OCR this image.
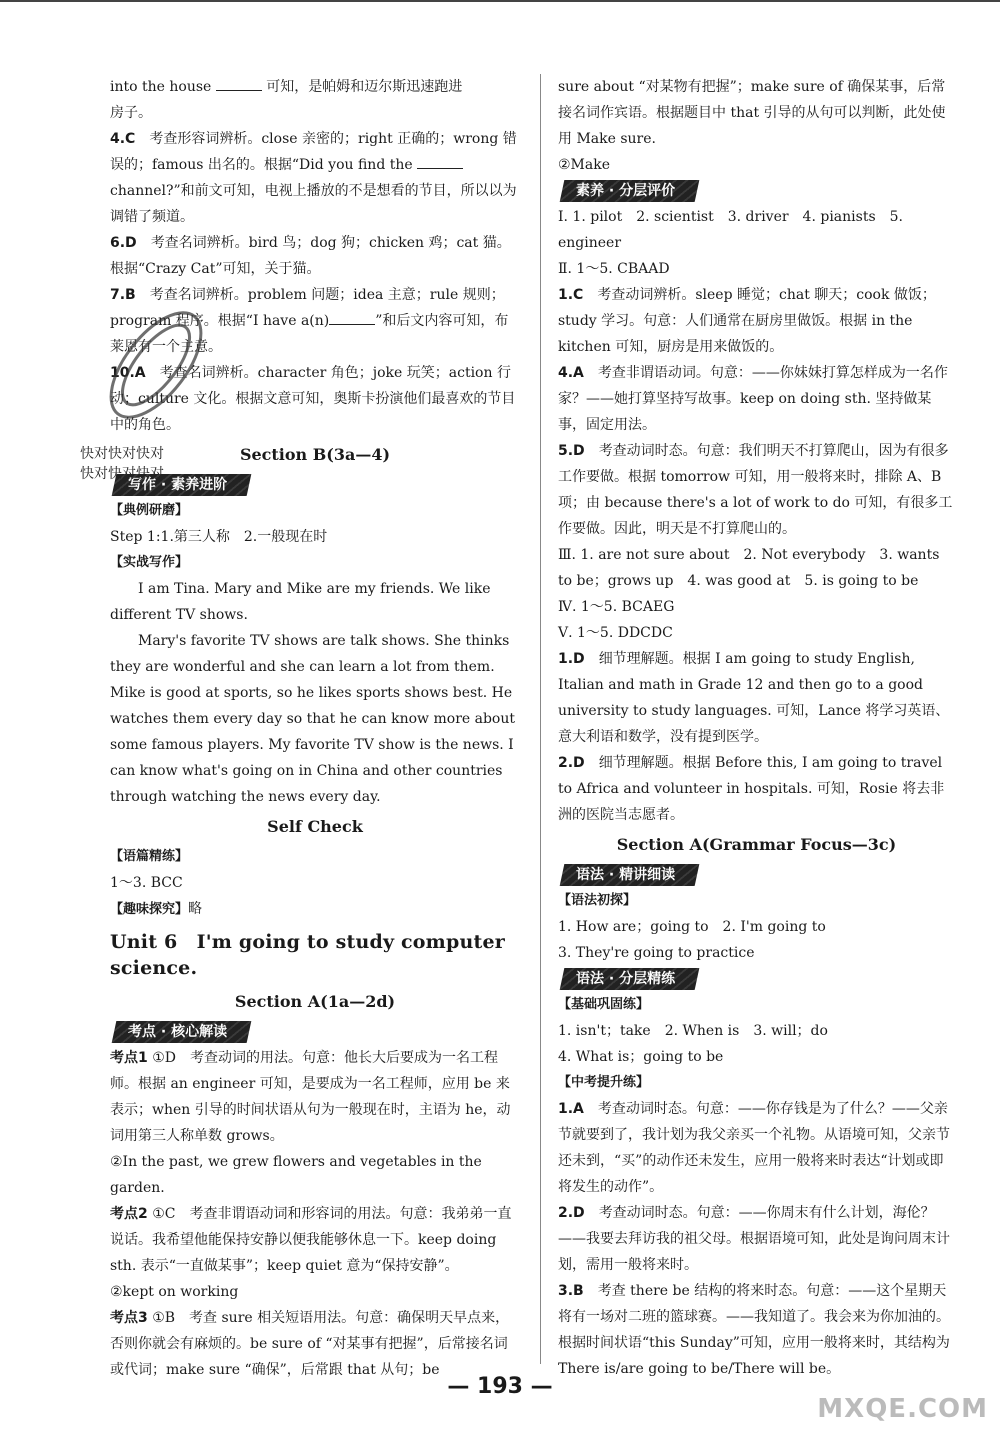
into the house	可知，是帕姆和迈尔斯迅速跑进

房子。

4.C　 考查形容词辨析。close 亲密的；right 正确的；wrong 错误的；famous 出名的。根据“Did you find the  channel?”和前文可知，电视上播放的不是想看的节目，所以以为调错了频道。

6.D　 考查名词辨析。bird 鸟；dog 狗；chicken 鸡；cat 猫。根据“Crazy Cat”可知，关于猫。

7.B　 考查名词辨析。problem 问题；idea 主意；rule 规则；program 程序。根据“I have a(n)	”和后文内容可知，布莱恩有一个主意。

10.A　 考查名词辨析。character 角色；joke 玩笑；action 行动；culture 文化。根据文意可知，奥斯卡扮演他们最喜欢的节目中的角色。

Section B(3a—4)

写作 · 素养进阶

【典例研磨】

Step 1:1.第三人称　2.一般现在时

【实战写作】

I am Tina. Mary and Mike are my friends. We like different TV shows.

Mary's favorite TV shows are talk shows. She thinks they are wonderful and she can learn a lot from them. Mike is good at sports, so he likes sports shows best. He watches them every day so that he can know more about some famous players. My favorite TV show is the news. I can know what's going on in China and other countries through watching the news every day.

Self Check

【语篇精练】

1～3. BCC

【趣味探究】略

Unit 6　I'm going to study computer science.

Section A(1a—2d)

考点 · 核心解读

考点1 ①D　考查动词的用法。句意：他长大后要成为一名工程师。根据 an engineer 可知，是要成为一名工程师，应用 be 来表示；when 引导的时间状语从句为一般现在时，主语为 he，动词用第三人称单数 grows。

②In the past, we grew flowers and vegetables in the garden.

考点2 ①C　考查非谓语动词和形容词的用法。句意：我弟弟一直说话。我希望他能保持安静以便我能够休息一下。keep doing sth. 表示“一直做某事”；keep quiet 意为“保持安静”。

②kept on working

考点3 ①B　考查 sure 相关短语用法。句意：确保明天早点来，否则你就会有麻烦的。be sure of “对某事有把握”，后常接名词或代词；make sure “确保”，后常跟 that 从句；be

sure about “对某物有把握”；make sure of 确保某事，后常接名词作宾语。根据题目中 that 引导的从句可以判断，此处使用 Make sure.

②Make

素养 · 分层评价

Ⅰ. 1. pilot　2. scientist　3. driver　4. pianists　5. engineer

Ⅱ. 1～5. CBAAD

1.C　 考查动词辨析。sleep 睡觉；chat 聊天；cook 做饭；study 学习。句意：人们通常在厨房里做饭。根据 in the kitchen 可知，厨房是用来做饭的。

4.A　 考查非谓语动词。句意：——你妹妹打算怎样成为一名作家？——她打算坚持写故事。keep on doing sth. 坚持做某事，固定用法。

5.D　 考查动词时态。句意：我们明天不打算爬山，因为有很多工作要做。根据 tomorrow 可知，用一般将来时，排除 A、B项；由 because there's a lot of work to do 可知，有很多工作要做。因此，明天是不打算爬山的。

Ⅲ. 1. are not sure about　2. Not everybody　3. wants to be；grows up　4. was good at　5. is going to be

Ⅳ. 1～5. BCAEG

Ⅴ. 1～5. DDCDC

1.D　 细节理解题。根据 I am going to study English, Italian and math in Grade 12 and then go to a good university to study languages. 可知，Lance 将学习英语、意大利语和数学，没有提到医学。

2.D　 细节理解题。根据 Before this, I am going to travel to Africa and volunteer in hospitals. 可知，Rosie 将去非洲的医院当志愿者。

Section A(Grammar Focus—3c)

语法 · 精讲细读

【语法初探】

1. How are；going to　2. I'm going to

3. They're going to practice

语法 · 分层精练

【基础巩固练】

1. isn't；take　2. When is　3. will；do

4. What is；going to be

【中考提升练】

1.A　 考查动词时态。句意：——你存钱是为了什么？——父亲节就要到了，我计划为我父亲买一个礼物。从语境可知，父亲节还未到，“买”的动作还未发生，应用一般将来时表达“计划或即将发生的动作”。

2.D　 考查动词时态。句意：——你周末有什么计划，海伦？——我要去拜访我的祖父母。根据语境可知，此处是询问周末计划，需用一般将来时。

3.B　 考查 there be 结构的将来时态。句意：——这个星期天将有一场对二班的篮球赛。——我知道了。我会来为你加油的。根据时间状语“this Sunday”可知，应用一般将来时，其结构为 There is/are going to be/There will be。

快对快对快对
快对快对快对
— 193 —
MXQE.COM
